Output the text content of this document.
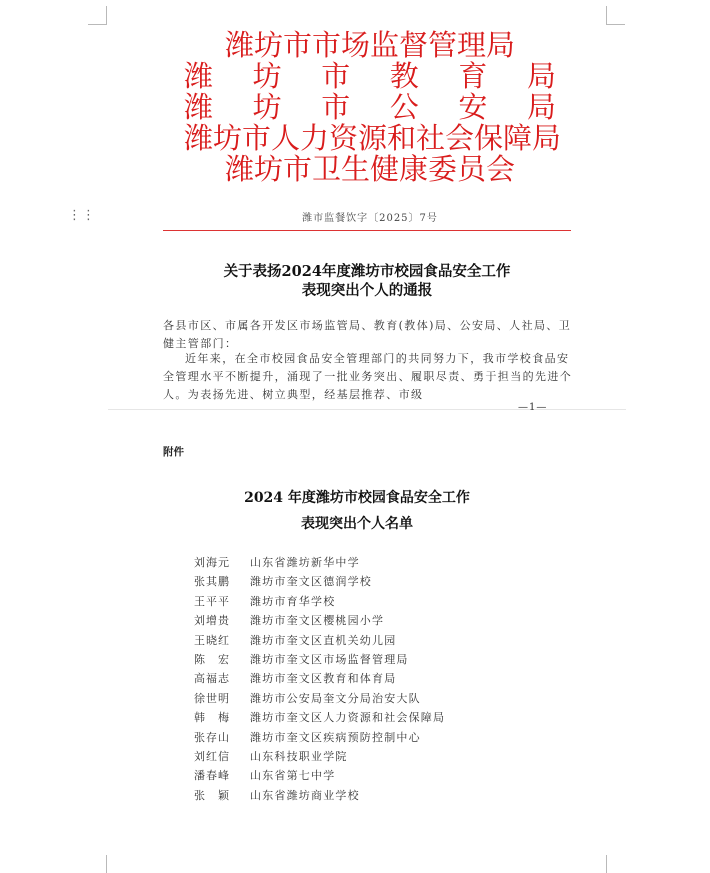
⋮⋮
潍坊市市场监督管理局
潍 坊 市 教 育 局
潍 坊 市 公 安 局
潍坊市人力资源和社会保障局
潍坊市卫生健康委员会
潍市监餐饮字〔2025〕7号
关于表扬2024年度潍坊市校园食品安全工作
表现突出个人的通报
各县市区、市属各开发区市场监管局、教育(教体)局、公安局、人社局、卫健主管部门：
近年来，在全市校园食品安全管理部门的共同努力下，我市学校食品安全管理水平不断提升，涌现了一批业务突出、履职尽责、勇于担当的先进个人。为表扬先进、树立典型，经基层推荐、市级
—1—
附件
2024 年度潍坊市校园食品安全工作
表现突出个人名单
刘海元 山东省潍坊新华中学
张其鹏 潍坊市奎文区德润学校
王平平 潍坊市育华学校
刘增贵 潍坊市奎文区樱桃园小学
王晓红 潍坊市奎文区直机关幼儿园
陈　宏 潍坊市奎文区市场监督管理局
高福志 潍坊市奎文区教育和体育局
徐世明 潍坊市公安局奎文分局治安大队
韩　梅 潍坊市奎文区人力资源和社会保障局
张存山 潍坊市奎文区疾病预防控制中心
刘红信 山东科技职业学院
潘春峰 山东省第七中学
张　颖 山东省潍坊商业学校
